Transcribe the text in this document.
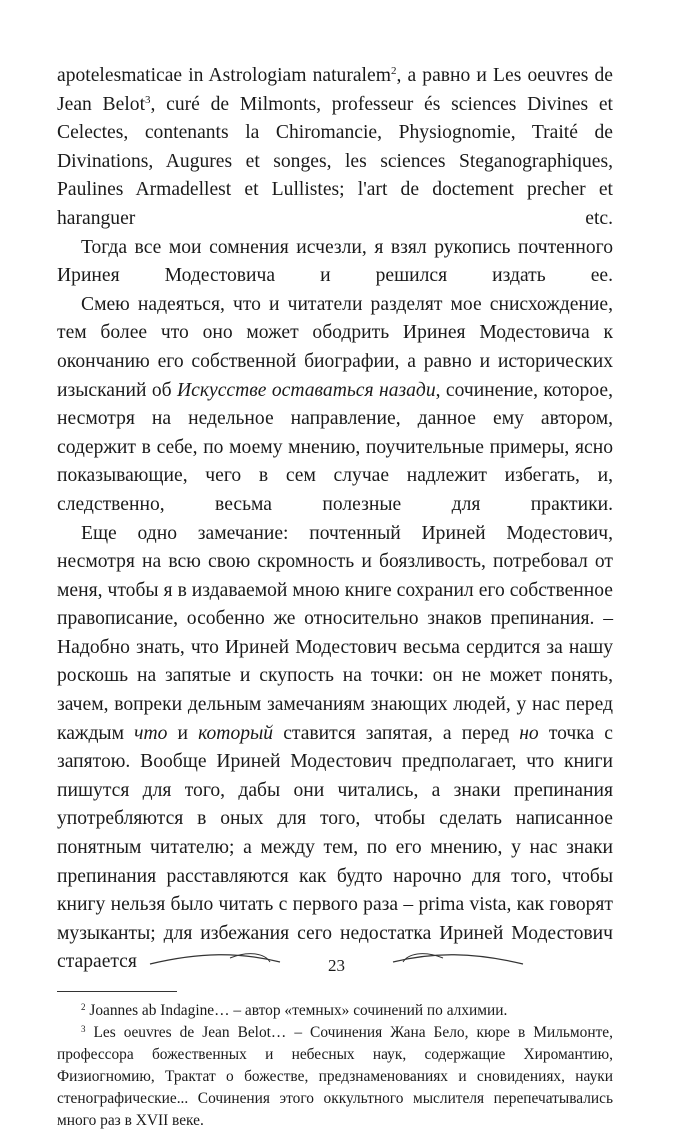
apotelesmaticae in Astrologiam naturalem$^2$, а равно и Les oeuvres de Jean Belot$^3$, curé de Milmonts, professeur és sciences Divines et Celectes, contenants la Chiromancie, Physiognomie, Traité de Divinations, Augures et songes, les sciences Steganographiques, Paulines Armadellest et Lullistes; l'art de doctement precher et haranguer etc.

Тогда все мои сомнения исчезли, я взял рукопись почтенного Иринея Модестовича и решился издать ее.

Смею надеяться, что и читатели разделят мое снисхождение, тем более что оно может ободрить Иринея Модестовича к окончанию его собственной биографии, а равно и исторических изысканий об Искусстве оставаться назади, сочинение, которое, несмотря на недельное направление, данное ему автором, содержит в себе, по моему мнению, поучительные примеры, ясно показывающие, чего в сем случае надлежит избегать, и, следственно, весьма полезные для практики.

Еще одно замечание: почтенный Ириней Модестович, несмотря на всю свою скромность и боязливость, потребовал от меня, чтобы я в издаваемой мною книге сохранил его собственное правописание, особенно же относительно знаков препинания. – Надобно знать, что Ириней Модестович весьма сердится за нашу роскошь на запятые и скупость на точки: он не может понять, зачем, вопреки дельным замечаниям знающих людей, у нас перед каждым что и который ставится запятая, а перед но точка с запятою. Вообще Ириней Модестович предполагает, что книги пишутся для того, дабы они читались, а знаки препинания употребляются в оных для того, чтобы сделать написанное понятным читателю; а между тем, по его мнению, у нас знаки препинания расставляются как будто нарочно для того, чтобы книгу нельзя было читать с первого раза – prima vista, как говорят музыканты; для избежания сего недостатка Ириней Модестович старается

$^2$ Joannes ab Indagine… – автор «темных» сочинений по алхимии.

$^3$ Les oeuvres de Jean Belot… – Сочинения Жана Бело, кюре в Мильмонте, профессора божественных и небесных наук, содержащие Хиромантию, Физиогномию, Трактат о божестве, предзнаменованиях и сновидениях, науки стенографические... Сочинения этого оккультного мыслителя перепечатывались много раз в XVII веке.

23
